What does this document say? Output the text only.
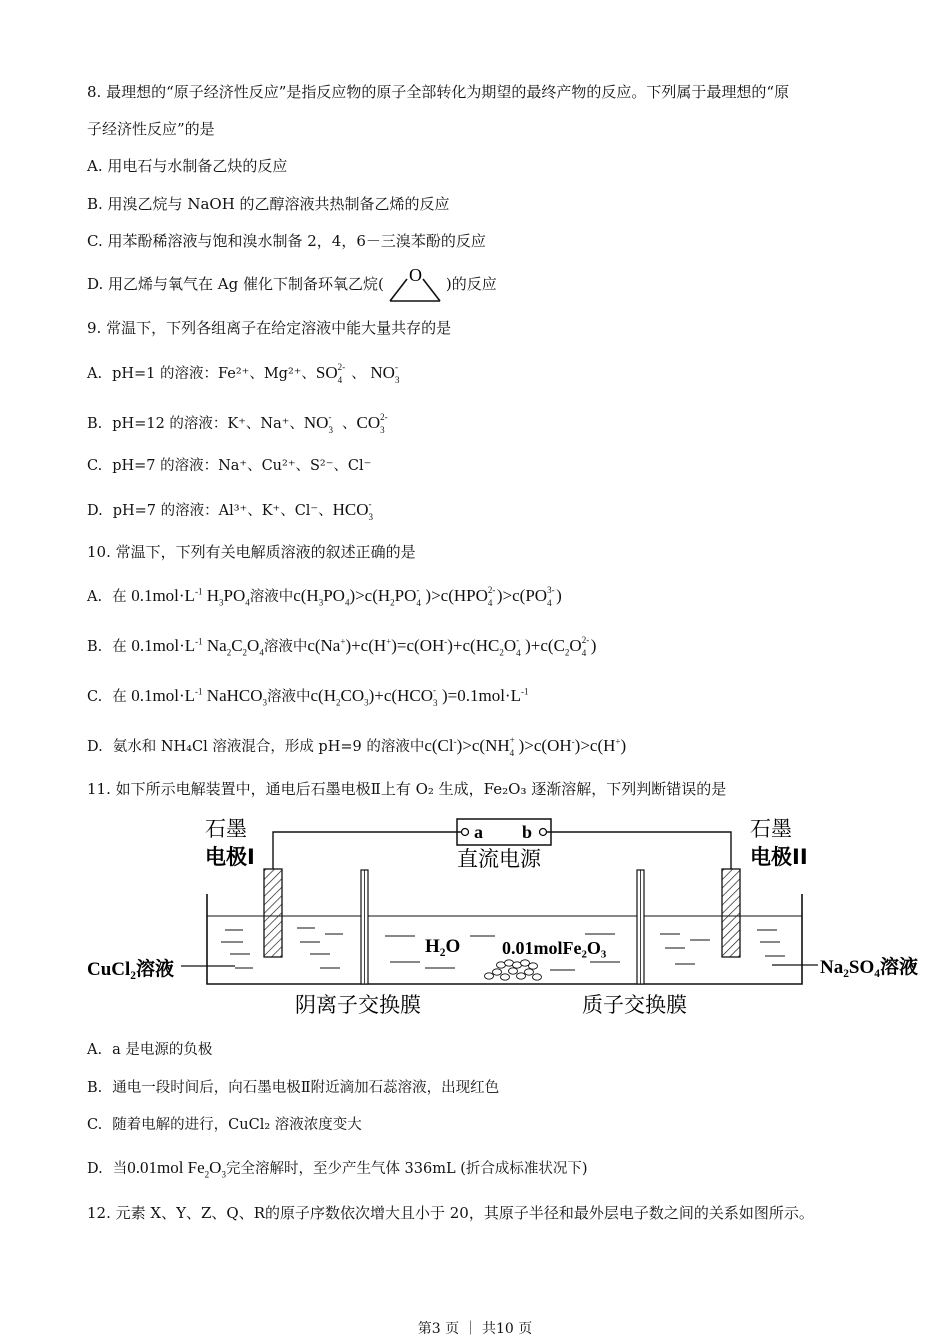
8. 最理想的“原子经济性反应”是指反应物的原子全部转化为期望的最终产物的反应。下列属于最理想的“原
子经济性反应”的是
A. 用电石与水制备乙炔的反应
B. 用溴乙烷与 NaOH 的乙醇溶液共热制备乙烯的反应
C. 用苯酚稀溶液与饱和溴水制备 2，4，6－三溴苯酚的反应
D. 用乙烯与氧气在 Ag 催化下制备环氧乙烷( O )的反应
9. 常温下，下列各组离子在给定溶液中能大量共存的是
A. pH=1 的溶液：Fe²⁺、Mg²⁺、SO 2-
4 、 NO -
3
B. pH=12 的溶液：K⁺、Na⁺、NO -
3 、CO 2-
3
C. pH=7 的溶液：Na⁺、Cu²⁺、S²⁻、Cl⁻
D. pH=7 的溶液：Al³⁺、K⁺、Cl⁻、HCO -
3
10. 常温下，下列有关电解质溶液的叙述正确的是
A. 在 $0.1mol\cdot L^{-1}$ $H_3PO_4$溶液中$c(H_3PO_4)>c(H_2PO$ -
4 )>c(HPO 2-
4 )>c(PO 3-
4 )
B. 在 $0.1mol\cdot L^{-1}$ $Na_2C_2O_4$溶液中$c(Na^+)+c(H^+)=c(OH^-)+c(HC_2O$ -
4 )$+c(C_2O$ 2-
4 )
C. 在 $0.1mol\cdot L^{-1}$ NaHCO$_3$溶液中$c(H_2CO_3)+c(HCO$ -
3 )$=0.1mol\cdot L^{-1}$
D. 氨水和 NH₄Cl 溶液混合，形成 pH=9 的溶液中c(Cl-)>c(NH +
4 )>c(OH-)>c(H+)
11. 如下所示电解装置中，通电后石墨电极Ⅱ上有 O₂ 生成，Fe₂O₃ 逐渐溶解，下列判断错误的是
石墨
电极I
石墨
电极II
a b
直流电源
H₂O 0.01molFe₂O₃
CuCl₂溶液	Na₂SO₄溶液
阴离子交换膜	质子交换膜
A. a 是电源的负极
B. 通电一段时间后，向石墨电极Ⅱ附近滴加石蕊溶液，出现红色
C. 随着电解的进行，CuCl₂ 溶液浓度变大
D. 当0.01mol $Fe_2O_3$完全溶解时，至少产生气体 336mL (折合成标准状况下)
12. 元素 X、Y、Z、Q、R的原子序数依次增大且小于 20，其原子半径和最外层电子数之间的关系如图所示。
第3 页 ｜ 共10 页
